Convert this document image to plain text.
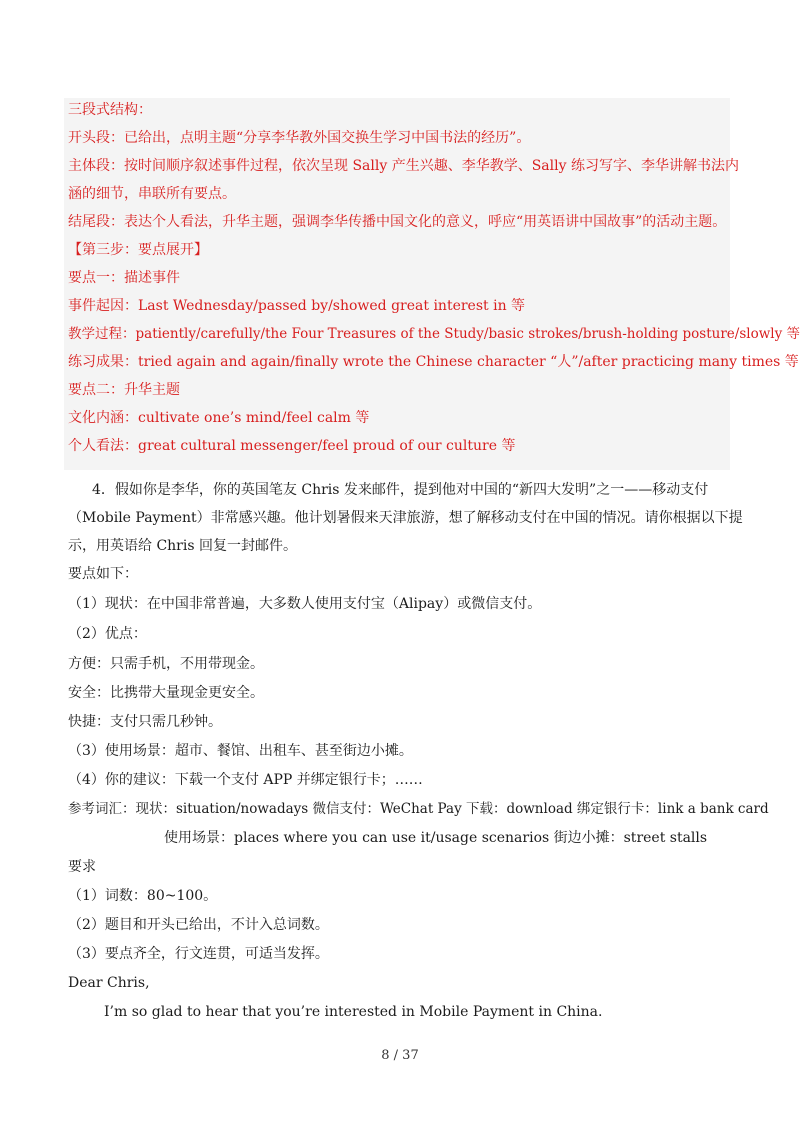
三段式结构：
开头段：已给出，点明主题“分享李华教外国交换生学习中国书法的经历”。
主体段：按时间顺序叙述事件过程，依次呈现 Sally 产生兴趣、李华教学、Sally 练习写字、李华讲解书法内
涵的细节，串联所有要点。
结尾段：表达个人看法，升华主题，强调李华传播中国文化的意义，呼应“用英语讲中国故事”的活动主题。
【第三步：要点展开】
要点一：描述事件
事件起因：Last Wednesday/passed by/showed great interest in 等
教学过程：patiently/carefully/the Four Treasures of the Study/basic strokes/brush-holding posture/slowly 等
练习成果：tried again and again/finally wrote the Chinese character “人”/after practicing many times 等
要点二：升华主题
文化内涵：cultivate one’s mind/feel calm 等
个人看法：great cultural messenger/feel proud of our culture 等
4．假如你是李华，你的英国笔友 Chris 发来邮件，提到他对中国的“新四大发明”之一——移动支付
（Mobile Payment）非常感兴趣。他计划暑假来天津旅游，想了解移动支付在中国的情况。请你根据以下提
示，用英语给 Chris 回复一封邮件。
要点如下：
（1）现状：在中国非常普遍，大多数人使用支付宝（Alipay）或微信支付。
（2）优点：
方便：只需手机，不用带现金。
安全：比携带大量现金更安全。
快捷：支付只需几秒钟。
（3）使用场景：超市、餐馆、出租车、甚至街边小摊。
（4）你的建议：下载一个支付 APP 并绑定银行卡；……
参考词汇：现状：situation/nowadays 微信支付：WeChat Pay 下载：download 绑定银行卡：link a bank card
使用场景：places where you can use it/usage scenarios 街边小摊：street stalls
要求
（1）词数：80~100。
（2）题目和开头已给出，不计入总词数。
（3）要点齐全，行文连贯，可适当发挥。
Dear Chris,
I’m so glad to hear that you’re interested in Mobile Payment in China.
8 / 37
